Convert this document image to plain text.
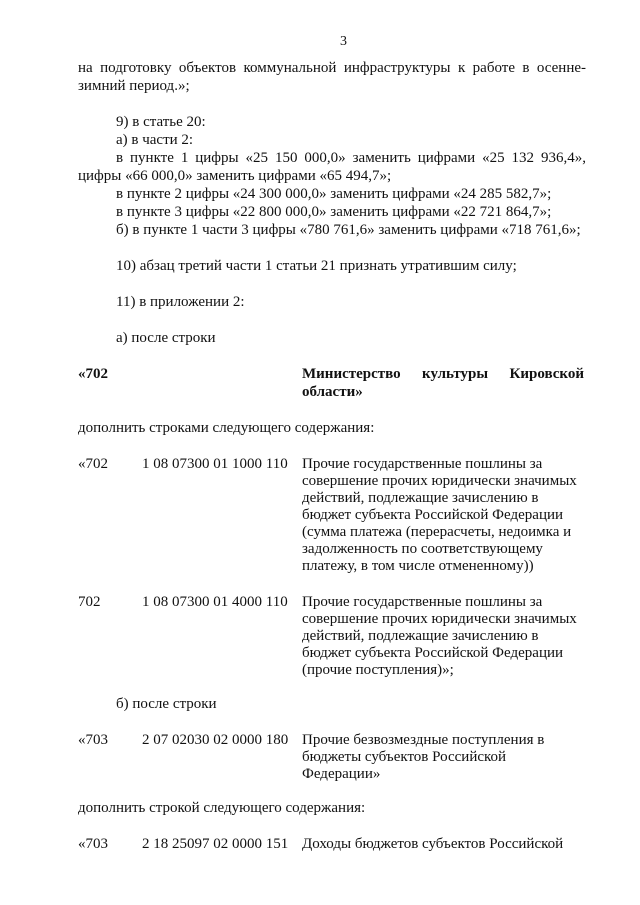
3
на подготовку объектов коммунальной инфраструктуры к работе в осенне-
зимний период.»;
9) в статье 20:
а) в части 2:
в пункте 1 цифры «25 150 000,0» заменить цифрами «25 132 936,4»,
цифры «66 000,0» заменить цифрами «65 494,7»;
в пункте 2 цифры «24 300 000,0» заменить цифрами «24 285 582,7»;
в пункте 3 цифры «22 800 000,0» заменить цифрами «22 721 864,7»;
б) в пункте 1 части 3 цифры «780 761,6» заменить цифрами «718 761,6»;
10) абзац третий части 1 статьи 21 признать утратившим силу;
11) в приложении 2:
а) после строки
«702	Министерство культуры Кировской
области»
дополнить строками следующего содержания:
«702 1 08 07300 01 1000 110 Прочие государственные пошлины за
совершение прочих юридически значимых
действий, подлежащие зачислению в
бюджет субъекта Российской Федерации
(сумма платежа (перерасчеты, недоимка и
задолженность по соответствующему
платежу, в том числе отмененному))
702	1 08 07300 01 4000 110 Прочие государственные пошлины за
совершение прочих юридически значимых
действий, подлежащие зачислению в
бюджет субъекта Российской Федерации
(прочие поступления)»;
б) после строки
«703 2 07 02030 02 0000 180 Прочие безвозмездные поступления в
бюджеты субъектов Российской
Федерации»
дополнить строкой следующего содержания:
«703 2 18 25097 02 0000 151 Доходы бюджетов субъектов Российской
